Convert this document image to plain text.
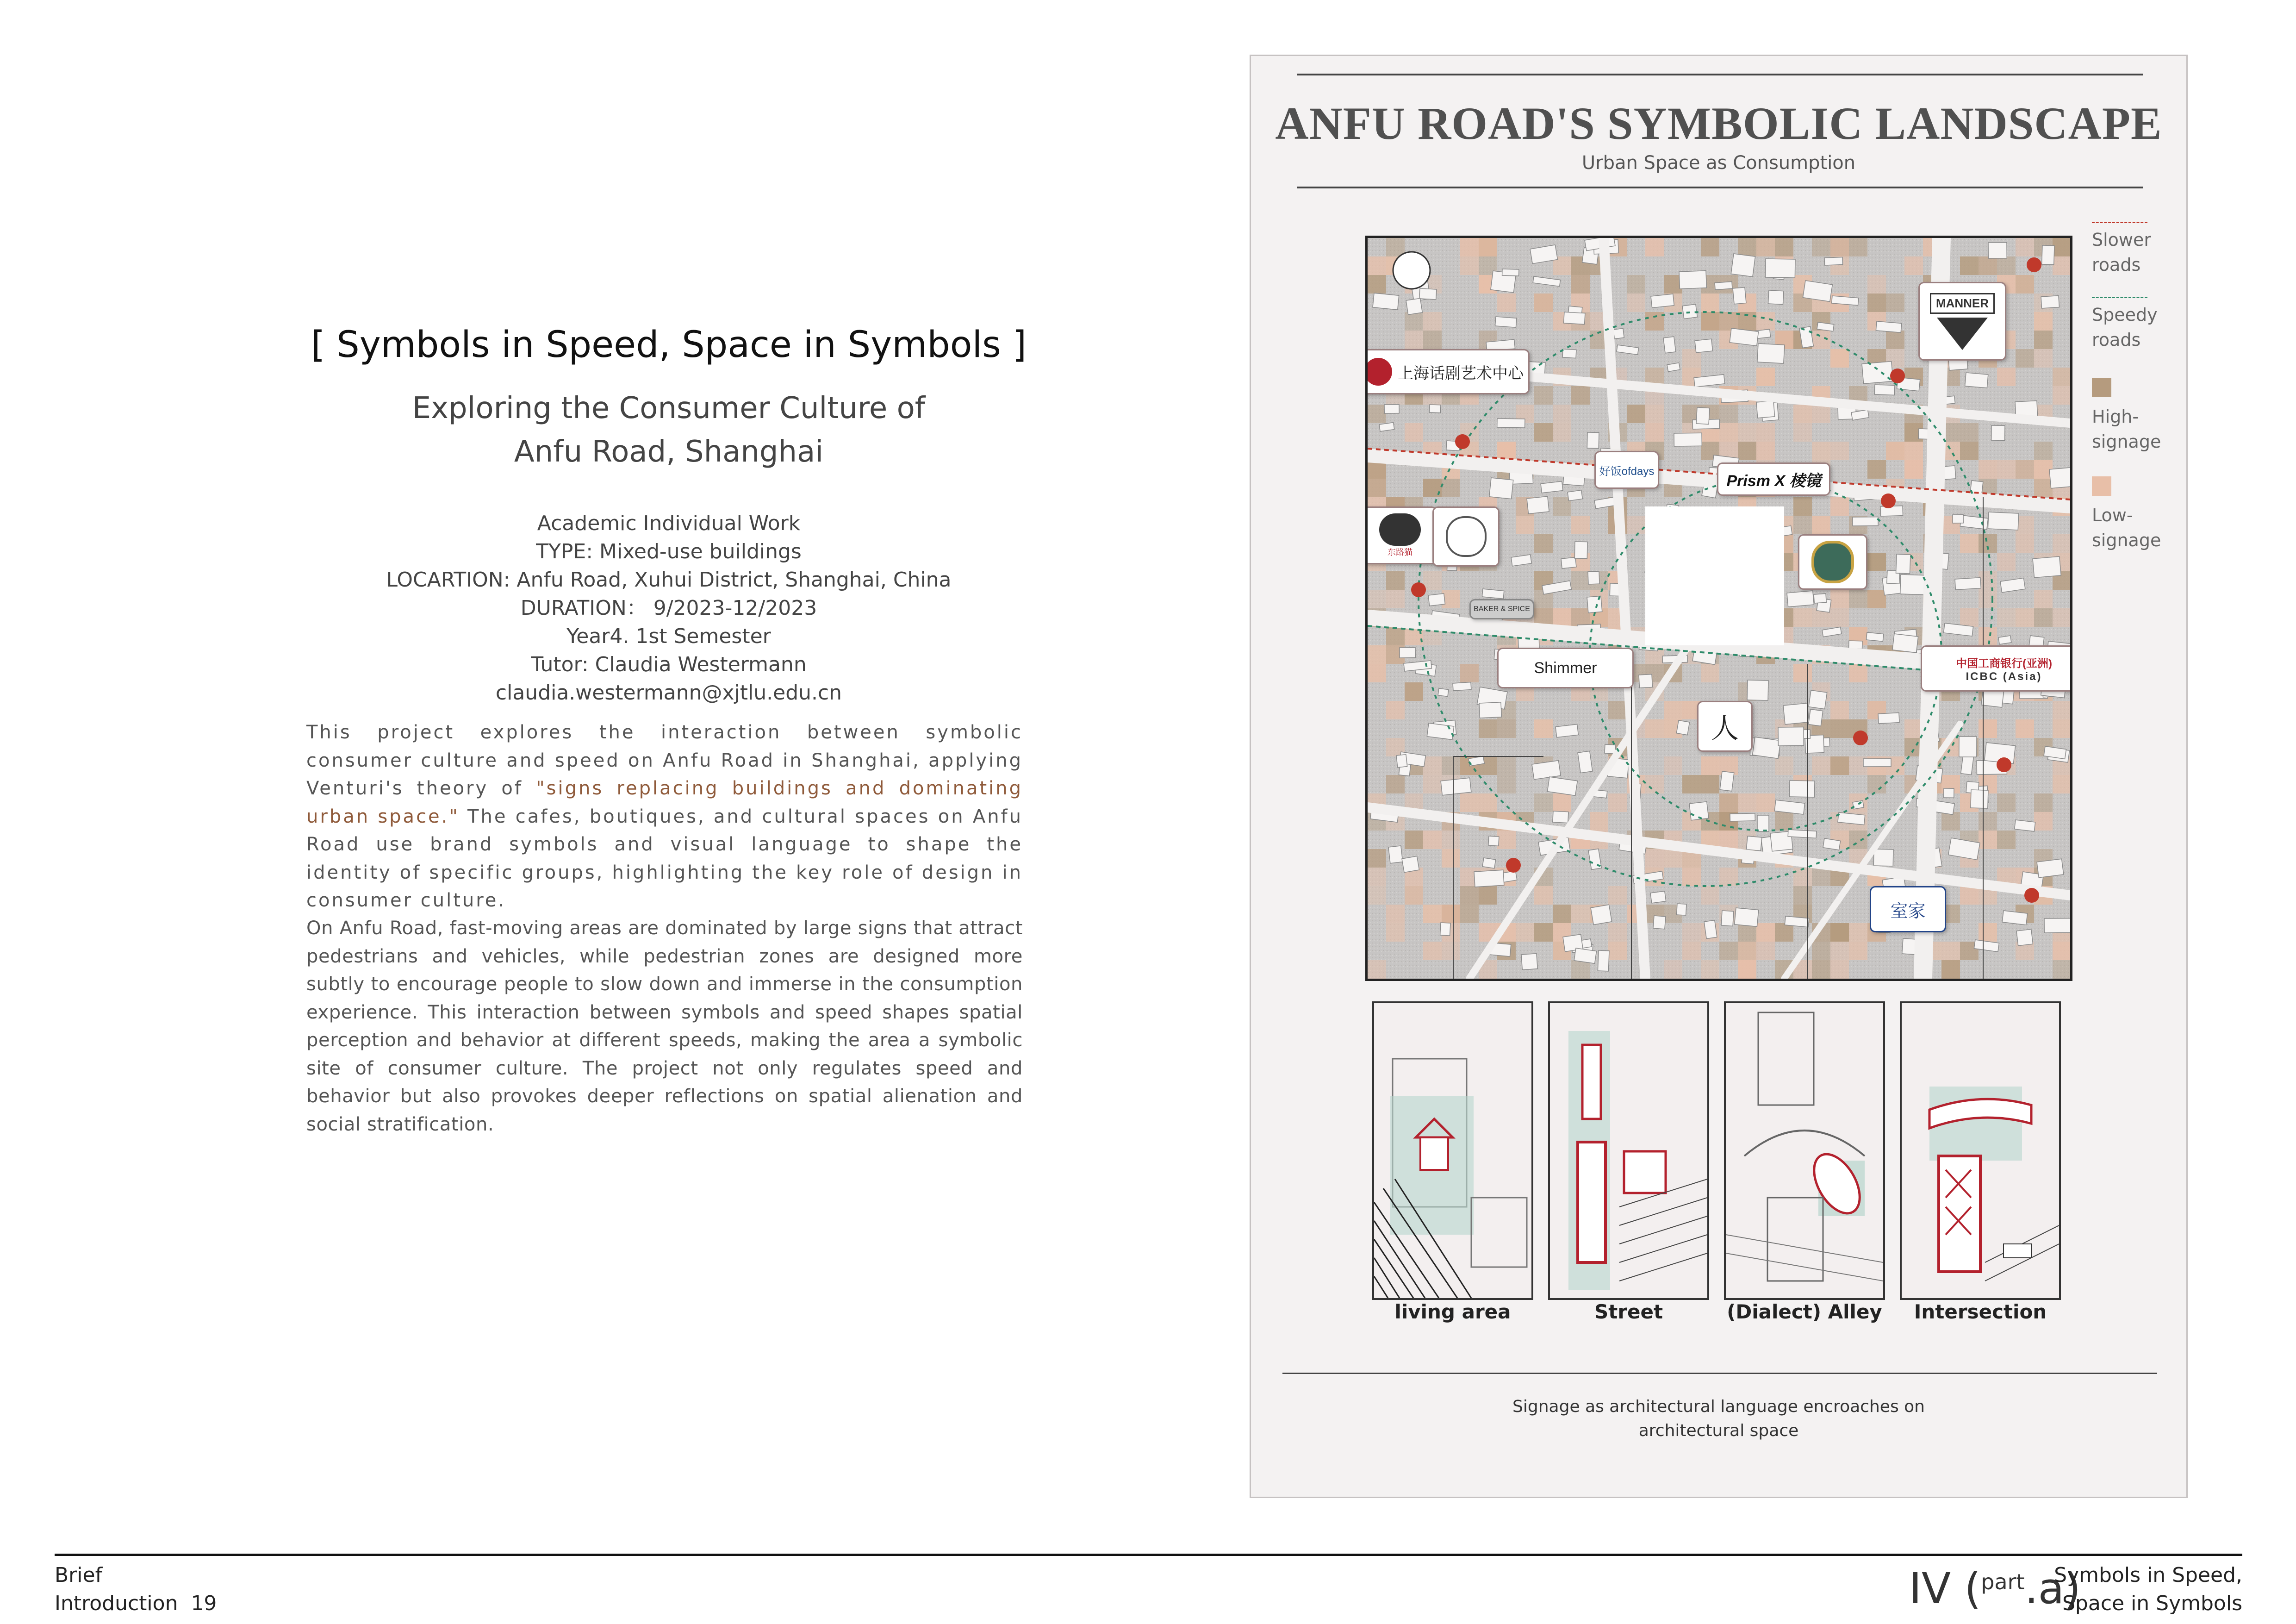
[ Symbols in Speed, Space in Symbols ]
Exploring the Consumer Culture of
Anfu Road, Shanghai
Academic Individual Work
TYPE: Mixed-use buildings
LOCARTION: Anfu Road, Xuhui District, Shanghai, China
DURATION： 9/2023-12/2023
Year4. 1st Semester
Tutor: Claudia Westermann
claudia.westermann@xjtlu.edu.cn
This project explores the interaction between symbolic consumer culture and speed on Anfu Road in Shanghai, applying Venturi's theory of "signs replacing buildings and dominating urban space." The cafes, boutiques, and cultural spaces on Anfu Road use brand symbols and visual language to shape the identity of specific groups, highlighting the key role of design in consumer culture.
On Anfu Road, fast-moving areas are dominated by large signs that attract pedestrians and vehicles, while pedestrian zones are designed more subtly to encourage people to slow down and immerse in the consumption experience. This interaction between symbols and speed shapes spatial perception and behavior at different speeds, making the area a symbolic site of consumer culture. The project not only regulates speed and behavior but also provokes deeper reflections on spatial alienation and social stratification.
ANFU ROAD'S SYMBOLIC LANDSCAPE
Urban Space as Consumption
上海话剧艺术中心
MANNER
好饭ofdays
Prism X 棱镜
东路猫
BAKER & SPICE
Shimmer	中国工商银行(亚洲)
ICBC (Asia)
人
室家
Slower
roads
Speedy
roads
High-
signage
Low-
signage
living area	Street	(Dialect) Alley	Intersection
Signage as architectural language encroaches on
architectural space
Brief
Introduction 19	IV ($^{part}$.a)
Symbols in Speed,
Space in Symbols
